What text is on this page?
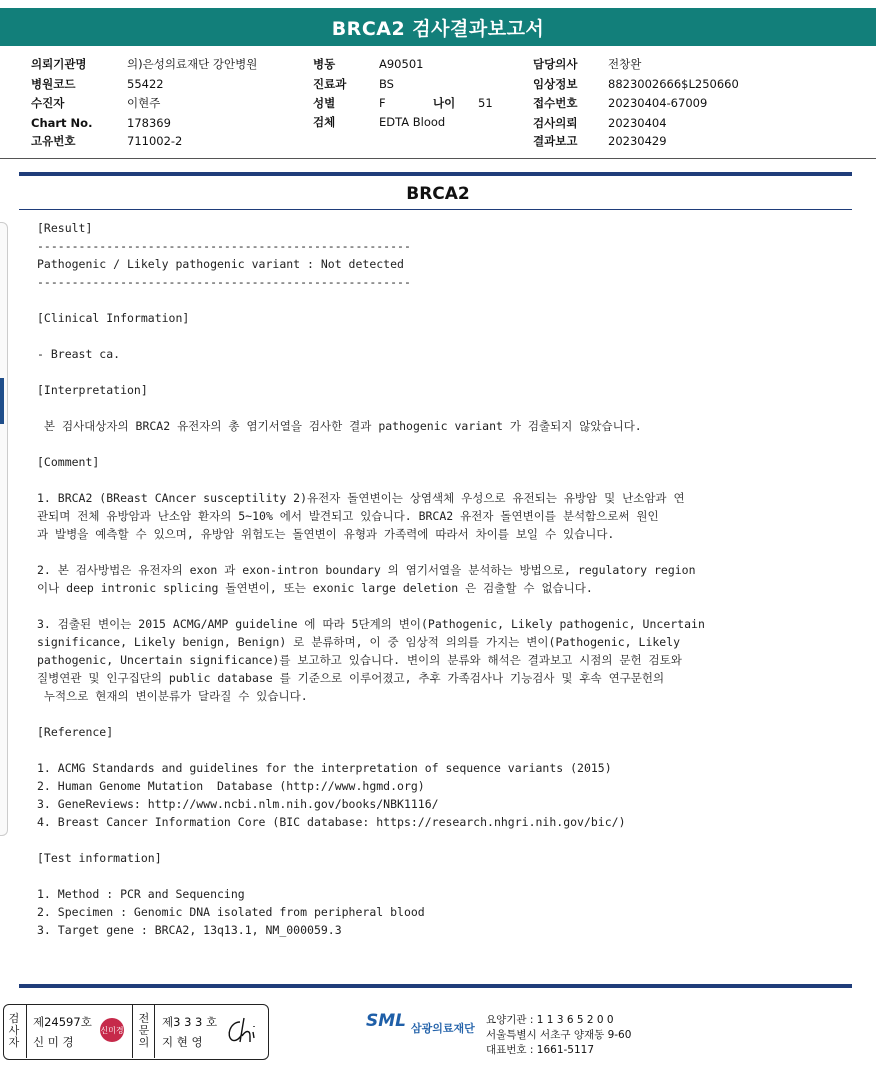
BRCA2 검사결과보고서
의뢰기관명	의)은성의료재단 강안병원
병원코드	55422
수진자	이현주
Chart No.	178369
고유번호	711002-2
병동	A90501
진료과	BS
성별	F	나이 51
검체	EDTA Blood
담당의사	전창완
임상정보	8823002666$L250660
접수번호	20230404-67009
검사의뢰	20230404
결과보고	20230429
BRCA2
[Result]
------------------------------------------------------
Pathogenic / Likely pathogenic variant : Not detected
------------------------------------------------------
[Clinical Information]
- Breast ca.
[Interpretation]
본 검사대상자의 BRCA2 유전자의 총 염기서열을 검사한 결과 pathogenic variant 가 검출되지 않았습니다.
[Comment]
1. BRCA2 (BReast CAncer susceptility 2)유전자 돌연변이는 상염색체 우성으로 유전되는 유방암 및 난소암과 연
관되며 전체 유방암과 난소암 환자의 5~10% 에서 발견되고 있습니다. BRCA2 유전자 돌연변이를 분석함으로써 원인
과 발병을 예측할 수 있으며, 유방암 위험도는 돌연변이 유형과 가족력에 따라서 차이를 보일 수 있습니다.
2. 본 검사방법은 유전자의 exon 과 exon-intron boundary 의 염기서열을 분석하는 방법으로, regulatory region
이나 deep intronic splicing 돌연변이, 또는 exonic large deletion 은 검출할 수 없습니다.
3. 검출된 변이는 2015 ACMG/AMP guideline 에 따라 5단계의 변이(Pathogenic, Likely pathogenic, Uncertain
significance, Likely benign, Benign) 로 분류하며, 이 중 임상적 의의를 가지는 변이(Pathogenic, Likely
pathogenic, Uncertain significance)를 보고하고 있습니다. 변이의 분류와 해석은 결과보고 시점의 문헌 검토와
질병연관 및 인구집단의 public database 를 기준으로 이루어졌고, 추후 가족검사나 기능검사 및 후속 연구문헌의
누적으로 현재의 변이분류가 달라질 수 있습니다.
[Reference]
1. ACMG Standards and guidelines for the interpretation of sequence variants (2015)
2. Human Genome Mutation  Database (http://www.hgmd.org)
3. GeneReviews: http://www.ncbi.nlm.nih.gov/books/NBK1116/
4. Breast Cancer Information Core (BIC database: https://research.nhgri.nih.gov/bic/)
[Test information]
1. Method : PCR and Sequencing
2. Specimen : Genomic DNA isolated from peripheral blood
3. Target gene : BRCA2, 13q13.1, NM_000059.3
검사자
제24597호
신 미 경
신미경
전문의
제3 3 3 호
지 현 영
SML 삼광의료재단
요양기관 : 1 1 3 6 5 2 0 0
서울특별시 서초구 양재동 9-60
대표번호 : 1661-5117
